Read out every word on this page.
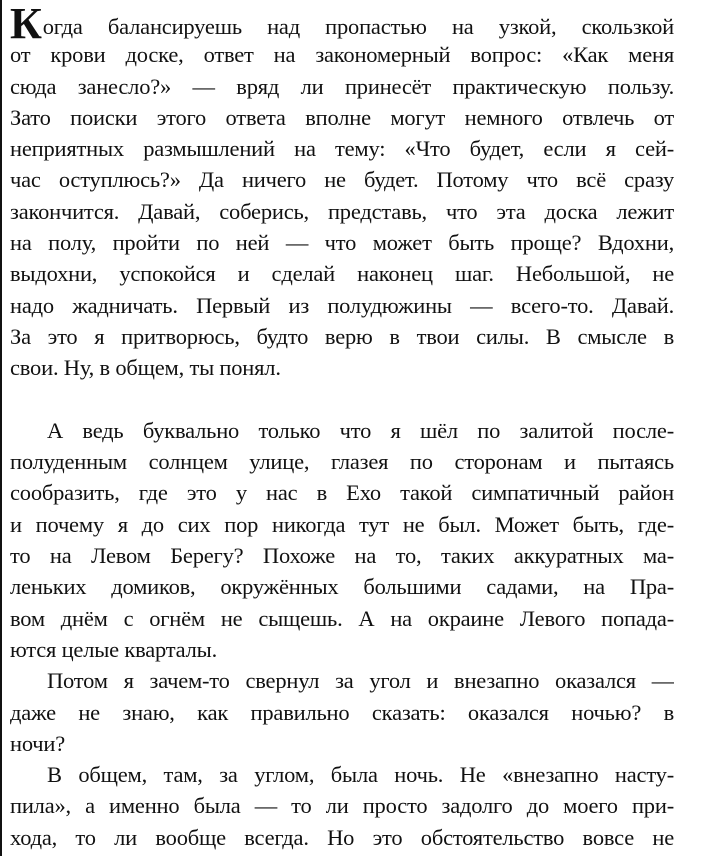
Когда балансируешь над пропастью на узкой, скользкой
от крови доске, ответ на закономерный вопрос: «Как меня
сюда занесло?» — вряд ли принесёт практическую пользу.
Зато поиски этого ответа вполне могут немного отвлечь от
неприятных размышлений на тему: «Что будет, если я сей-
час оступлюсь?» Да ничего не будет. Потому что всё сразу
закончится. Давай, соберись, представь, что эта доска лежит
на полу, пройти по ней — что может быть проще? Вдохни,
выдохни, успокойся и сделай наконец шаг. Небольшой, не
надо жадничать. Первый из полудюжины — всего-то. Давай.
За это я притворюсь, будто верю в твои силы. В смысле в
свои. Ну, в общем, ты понял.
А ведь буквально только что я шёл по залитой после-
полуденным солнцем улице, глазея по сторонам и пытаясь
сообразить, где это у нас в Ехо такой симпатичный район
и почему я до сих пор никогда тут не был. Может быть, где-
то на Левом Берегу? Похоже на то, таких аккуратных ма-
леньких домиков, окружённых большими садами, на Пра-
вом днём с огнём не сыщешь. А на окраине Левого попада-
ются целые кварталы.
Потом я зачем-то свернул за угол и внезапно оказался —
даже не знаю, как правильно сказать: оказался ночью? в
ночи?
В общем, там, за углом, была ночь. Не «внезапно насту-
пила», а именно была — то ли просто задолго до моего при-
хода, то ли вообще всегда. Но это обстоятельство вовсе не
